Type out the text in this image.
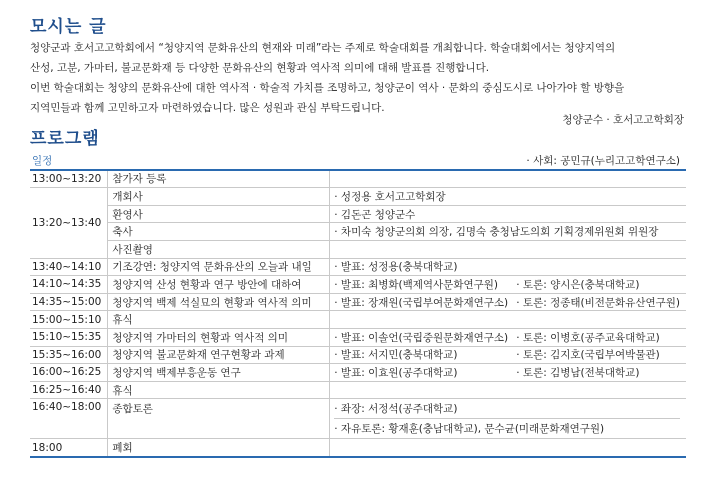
모시는 글
청양군과 호서고고학회에서 “청양지역 문화유산의 현재와 미래”라는 주제로 학술대회를 개최합니다. 학술대회에서는 청양지역의
산성, 고분, 가마터, 불교문화재 등 다양한 문화유산의 현황과 역사적 의미에 대해 발표를 진행합니다.
이번 학술대회는 청양의 문화유산에 대한 역사적 · 학술적 가치를 조명하고, 청양군이 역사 · 문화의 중심도시로 나아가야 할 방향을
지역민들과 함께 고민하고자 마련하였습니다. 많은 성원과 관심 부탁드립니다.
청양군수 · 호서고고학회장
프로그램
일정		· 사회: 공민규(누리고고학연구소)
13:00~13:20	참가자 등록	
13:20~13:40	개회사	· 성정용 호서고고학회장
	환영사	· 김돈곤 청양군수
	축사	· 차미숙 청양군의회 의장, 김명숙 충청남도의회 기획경제위원회 위원장
	사진촬영	
13:40~14:10	기조강연: 청양지역 문화유산의 오늘과 내일	· 발표: 성정용(충북대학교)
14:10~14:35	청양지역 산성 현황과 연구 방안에 대하여	· 발표: 최병화(백제역사문화연구원) · 토론: 양시은(충북대학교)

14:35~15:00	청양지역 백제 석실묘의 현황과 역사적 의미	· 발표: 장재원(국립부여문화재연구소) · 토론: 정종태(비전문화유산연구원)

15:00~15:10	휴식	
15:10~15:35	청양지역 가마터의 현황과 역사적 의미	· 발표: 이솔언(국립중원문화재연구소) · 토론: 이병호(공주교육대학교)

15:35~16:00	청양지역 불교문화재 연구현황과 과제	· 발표: 서지민(충북대학교) · 토론: 김지호(국립부여박물관)

16:00~16:25	청양지역 백제부흥운동 연구	· 발표: 이효원(공주대학교) · 토론: 김병남(전북대학교)

16:25~16:40	휴식	
16:40~18:00	종합토론	· 좌장: 서정석(공주대학교)
· 자유토론: 황재훈(충남대학교), 문수균(미래문화재연구원)

18:00	폐회	
